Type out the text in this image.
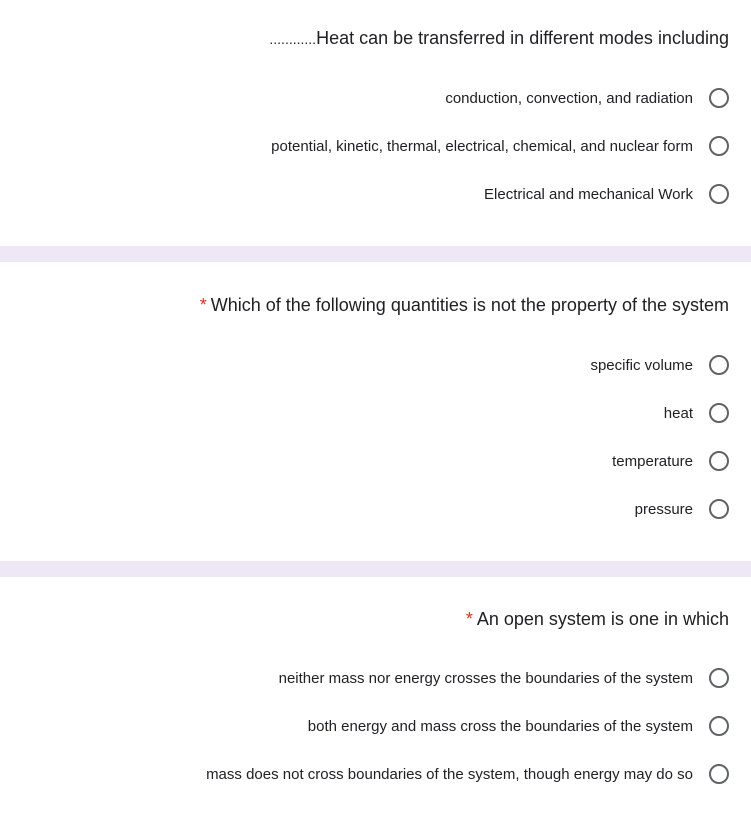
............Heat can be transferred in different modes including
conduction, convection, and radiation
potential, kinetic, thermal, electrical, chemical, and nuclear form
Electrical and mechanical Work
* Which of the following quantities is not the property of the system
specific volume
heat
temperature
pressure
* An open system is one in which
neither mass nor energy crosses the boundaries of the system
both energy and mass cross the boundaries of the system
mass does not cross boundaries of the system, though energy may do so
